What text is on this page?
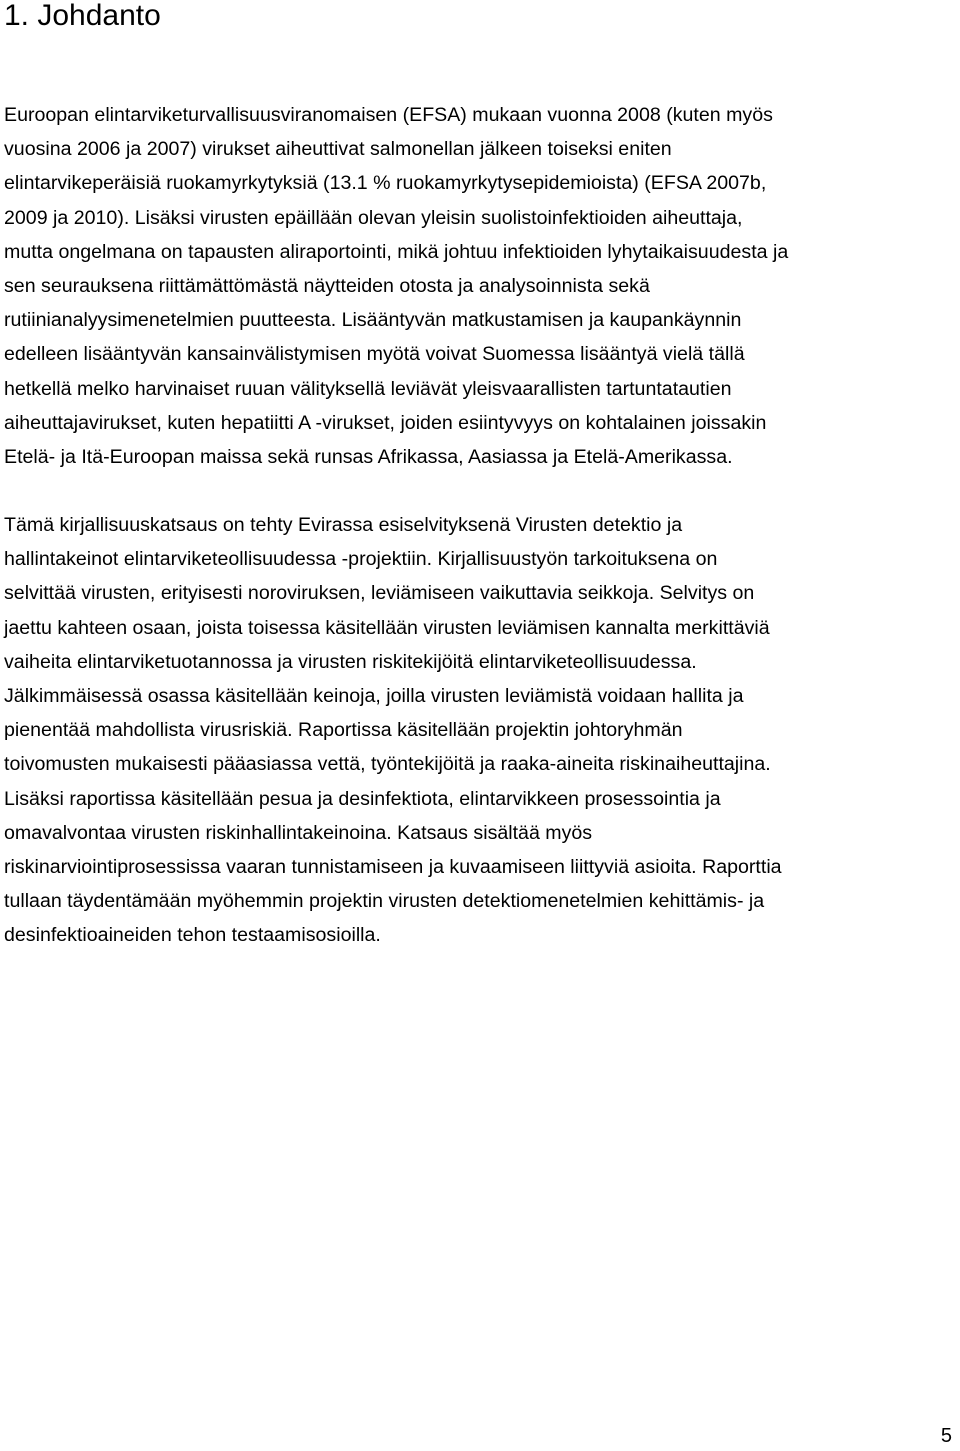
1. Johdanto
Euroopan elintarviketurvallisuusviranomaisen (EFSA) mukaan vuonna 2008 (kuten myös
vuosina 2006 ja 2007) virukset aiheuttivat salmonellan jälkeen toiseksi eniten
elintarvikeperäisiä ruokamyrkytyksiä (13.1 % ruokamyrkytysepidemioista) (EFSA 2007b,
2009 ja 2010). Lisäksi virusten epäillään olevan yleisin suolistoinfektioiden aiheuttaja,
mutta ongelmana on tapausten aliraportointi, mikä johtuu infektioiden lyhytaikaisuudesta ja
sen seurauksena riittämättömästä näytteiden otosta ja analysoinnista sekä
rutiinianalyysimenetelmien puutteesta. Lisääntyvän matkustamisen ja kaupankäynnin
edelleen lisääntyvän kansainvälistymisen myötä voivat Suomessa lisääntyä vielä tällä
hetkellä melko harvinaiset ruuan välityksellä leviävät yleisvaarallisten tartuntatautien
aiheuttajavirukset, kuten hepatiitti A -virukset, joiden esiintyvyys on kohtalainen joissakin
Etelä- ja Itä-Euroopan maissa sekä runsas Afrikassa, Aasiassa ja Etelä-Amerikassa.
Tämä kirjallisuuskatsaus on tehty Evirassa esiselvityksenä Virusten detektio ja
hallintakeinot elintarviketeollisuudessa -projektiin. Kirjallisuustyön tarkoituksena on
selvittää virusten, erityisesti noroviruksen, leviämiseen vaikuttavia seikkoja. Selvitys on
jaettu kahteen osaan, joista toisessa käsitellään virusten leviämisen kannalta merkittäviä
vaiheita elintarviketuotannossa ja virusten riskitekijöitä elintarviketeollisuudessa.
Jälkimmäisessä osassa käsitellään keinoja, joilla virusten leviämistä voidaan hallita ja
pienentää mahdollista virusriskiä. Raportissa käsitellään projektin johtoryhmän
toivomusten mukaisesti pääasiassa vettä, työntekijöitä ja raaka-aineita riskinaiheuttajina.
Lisäksi raportissa käsitellään pesua ja desinfektiota, elintarvikkeen prosessointia ja
omavalvontaa virusten riskinhallintakeinoina. Katsaus sisältää myös
riskinarviointiprosessissa vaaran tunnistamiseen ja kuvaamiseen liittyviä asioita. Raporttia
tullaan täydentämään myöhemmin projektin virusten detektiomenetelmien kehittämis- ja
desinfektioaineiden tehon testaamisosioilla.
5
